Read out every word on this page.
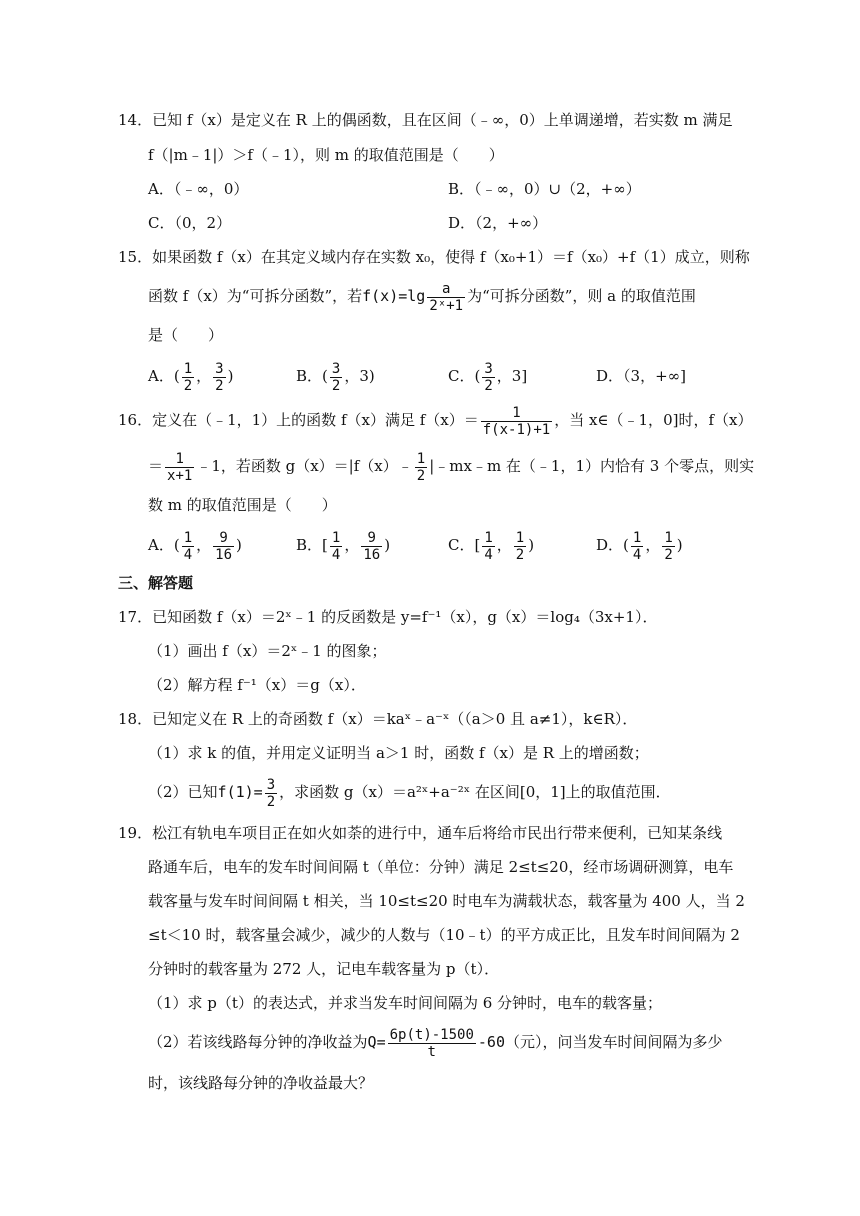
14．已知 f（x）是定义在 R 上的偶函数，且在区间（﹣∞，0）上单调递增，若实数 m 满足
f（|m﹣1|）＞f（﹣1），则 m 的取值范围是（　　）
A．（﹣∞，0）	B．（﹣∞，0）∪（2，+∞）
C．（0，2）	D．（2，+∞）
15．如果函数 f（x）在其定义域内存在实数 x₀，使得 f（x₀+1）＝f（x₀）+f（1）成立，则称
函数 f（x）为“可拆分函数”，若$f(x)=\lg \frac{a}{\text{2ˣ+1}}$ 为“可拆分函数”，则 a 的取值范围
是（　　）
A．( $\frac{1}{2}$ ， $\frac{3}{2}$ )	B．( $\frac{3}{2}$ ，3)	C．( $\frac{3}{2}$ ，3]	D．（3，+∞]
16．定义在（﹣1，1）上的函数 f（x）满足 $f(x)= \frac{1}{f(x-1)+1}$ ，当 x∈（﹣1，0]时，f（x）
＝ $\frac{1}{x+1}$ ﹣1，若函数 g（x）＝|f（x）﹣ $\frac{1}{2}$ |﹣mx﹣m 在（﹣1，1）内恰有 3 个零点，则实
数 m 的取值范围是（　　）
A．( $\frac{1}{4}$ ， $\frac{9}{16}$ )	B．[ $\frac{1}{4}$ ， $\frac{9}{16}$ )	C．[ $\frac{1}{4}$ ， $\frac{1}{2}$ )	D．( $\frac{1}{4}$ ， $\frac{1}{2}$ )
三、解答题
17．已知函数 f（x）＝2ˣ﹣1 的反函数是 y=f⁻¹（x），g（x）＝log₄（3x+1）．
（1）画出 f（x）＝2ˣ﹣1 的图象；
（2）解方程 f⁻¹（x）＝g（x）．
18．已知定义在 R 上的奇函数 f（x）＝kaˣ﹣a⁻ˣ（（a＞0 且 a≠1），k∈R）．
（1）求 k 的值，并用定义证明当 a＞1 时，函数 f（x）是 R 上的增函数；
（2）已知$f(1)= \frac{3}{2}$ ，求函数 g（x）＝a²ˣ+a⁻²ˣ 在区间[0，1]上的取值范围．
19．松江有轨电车项目正在如火如荼的进行中，通车后将给市民出行带来便利，已知某条线
路通车后，电车的发车时间间隔 t（单位：分钟）满足 2≤t≤20，经市场调研测算，电车
载客量与发车时间间隔 t 相关，当 10≤t≤20 时电车为满载状态，载客量为 400 人，当 2
≤t＜10 时，载客量会减少，减少的人数与（10﹣t）的平方成正比，且发车时间间隔为 2
分钟时的载客量为 272 人，记电车载客量为 p（t）．
（1）求 p（t）的表达式，并求当发车时间间隔为 6 分钟时，电车的载客量；
（2）若该线路每分钟的净收益为$Q= \frac{6p(t)-1500}{t} -60$（元），问当发车时间间隔为多少
时，该线路每分钟的净收益最大？
